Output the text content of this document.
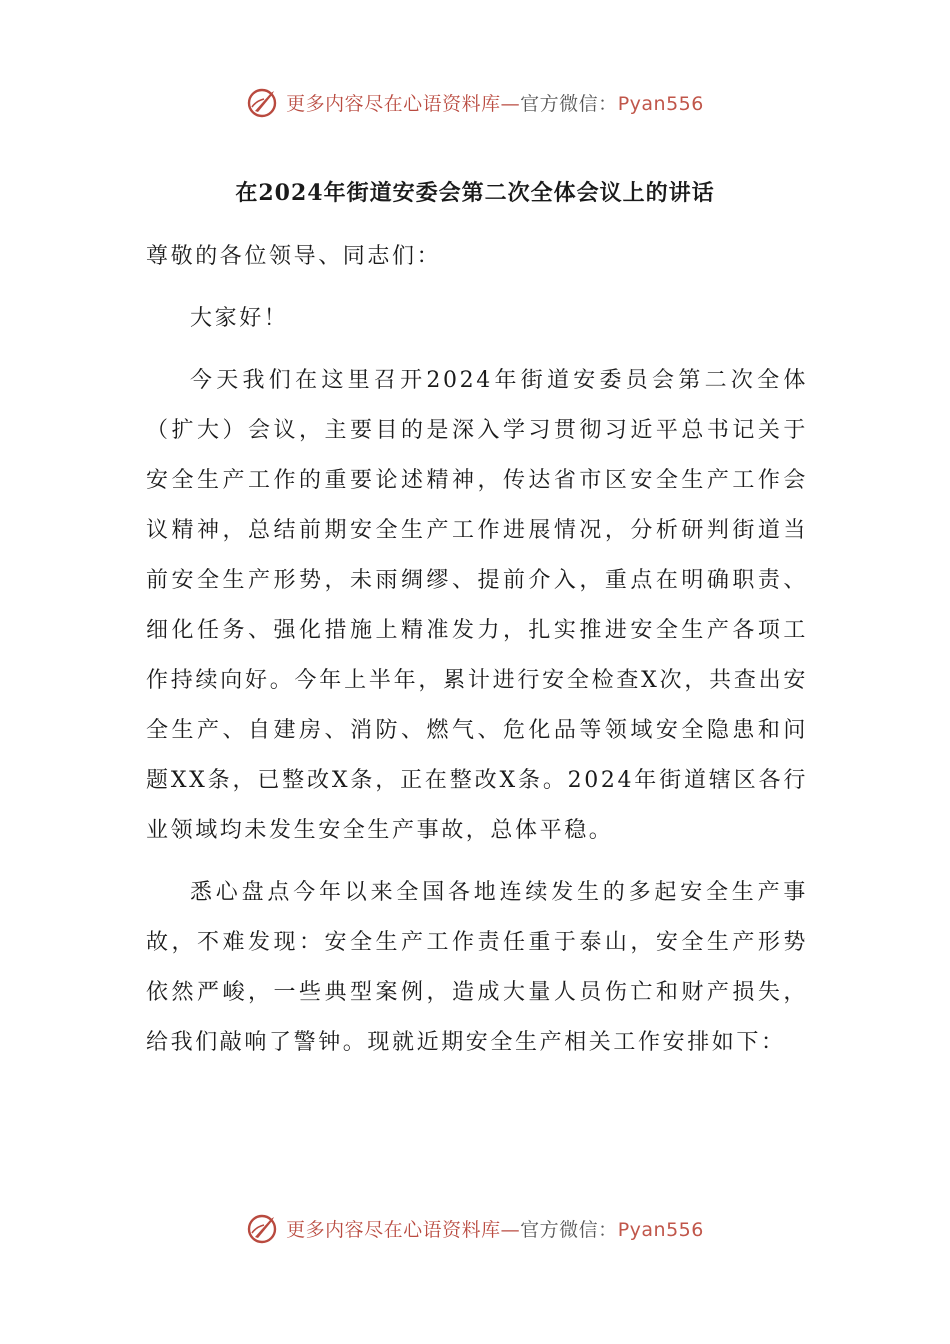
更多内容尽在心语资料库—官方微信：Pyan556
在2024年街道安委会第二次全体会议上的讲话

尊敬的各位领导、同志们：

大家好！

今天我们在这里召开2024年街道安委员会第二次全体（扩大）会议，主要目的是深入学习贯彻习近平总书记关于安全生产工作的重要论述精神，传达省市区安全生产工作会议精神，总结前期安全生产工作进展情况，分析研判街道当前安全生产形势，未雨绸缪、提前介入，重点在明确职责、细化任务、强化措施上精准发力，扎实推进安全生产各项工作持续向好。今年上半年，累计进行安全检查X次，共查出安全生产、自建房、消防、燃气、危化品等领域安全隐患和问题XX条，已整改X条，正在整改X条。2024年街道辖区各行业领域均未发生安全生产事故，总体平稳。

悉心盘点今年以来全国各地连续发生的多起安全生产事故，不难发现：安全生产工作责任重于泰山，安全生产形势依然严峻，一些典型案例，造成大量人员伤亡和财产损失，给我们敲响了警钟。现就近期安全生产相关工作安排如下：

更多内容尽在心语资料库—官方微信：Pyan556
